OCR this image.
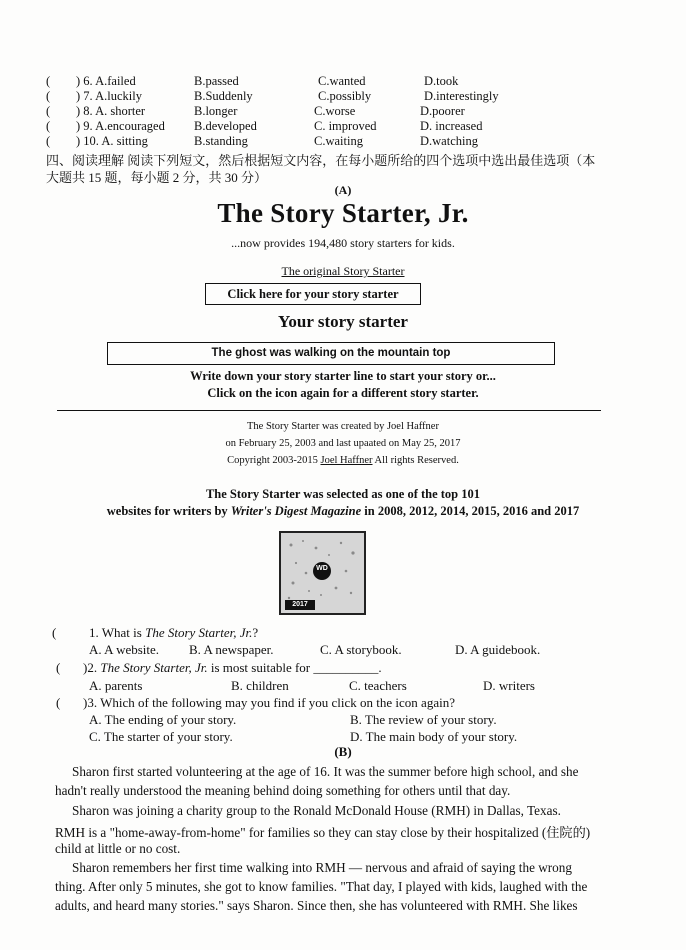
( ) 6. A.failed	B.passed	C.wanted	D.took
( ) 7. A.luckily	B.Suddenly	C.possibly	D.interestingly
( ) 8. A. shorter	B.longer	C.worse	D.poorer
( ) 9. A.encouraged B.developed	C. improved	D. increased
( ) 10. A. sitting	B.standing	C.waiting	D.watching
四、阅读理解 阅读下列短文，然后根据短文内容，在每小题所给的四个选项中选出最佳选项（本
大题共 15 题，每小题 2 分，共 30 分）
(A)
The Story Starter, Jr.
...now provides 194,480 story starters for kids.
The original Story Starter
Click here for your story starter
Your story starter
The ghost was walking on the mountain top
Write down your story starter line to start your story or...
Click on the icon again for a different story starter.
The Story Starter was created by Joel Haffner
on February 25, 2003 and last upaated on May 25, 2017
Copyright 2003-2015 Joel Haffner All rights Reserved.
The Story Starter was selected as one of the top 101
websites for writers by Writer's Digest Magazine in 2008, 2012, 2014, 2015, 2016 and 2017
WD
2017
(	1. What is The Story Starter, Jr.?
A. A website. B. A newspaper.	C. A storybook.	D. A guidebook.
( )2. The Story Starter, Jr. is most suitable for __________.
A. parents	B. children	C. teachers	D. writers
( )3. Which of the following may you find if you click on the icon again?
A. The ending of your story.	B. The review of your story.
C. The starter of your story.	D. The main body of your story.
(B)
Sharon first started volunteering at the age of 16. It was the summer before high school, and she
hadn't really understood the meaning behind doing something for others until that day.
Sharon was joining a charity group to the Ronald McDonald House (RMH) in Dallas, Texas.
RMH is a "home-away-from-home" for families so they can stay close by their hospitalized (住院的)
child at little or no cost.
Sharon remembers her first time walking into RMH — nervous and afraid of saying the wrong
thing. After only 5 minutes, she got to know families. "That day, I played with kids, laughed with the
adults, and heard many stories." says Sharon. Since then, she has volunteered with RMH. She likes
